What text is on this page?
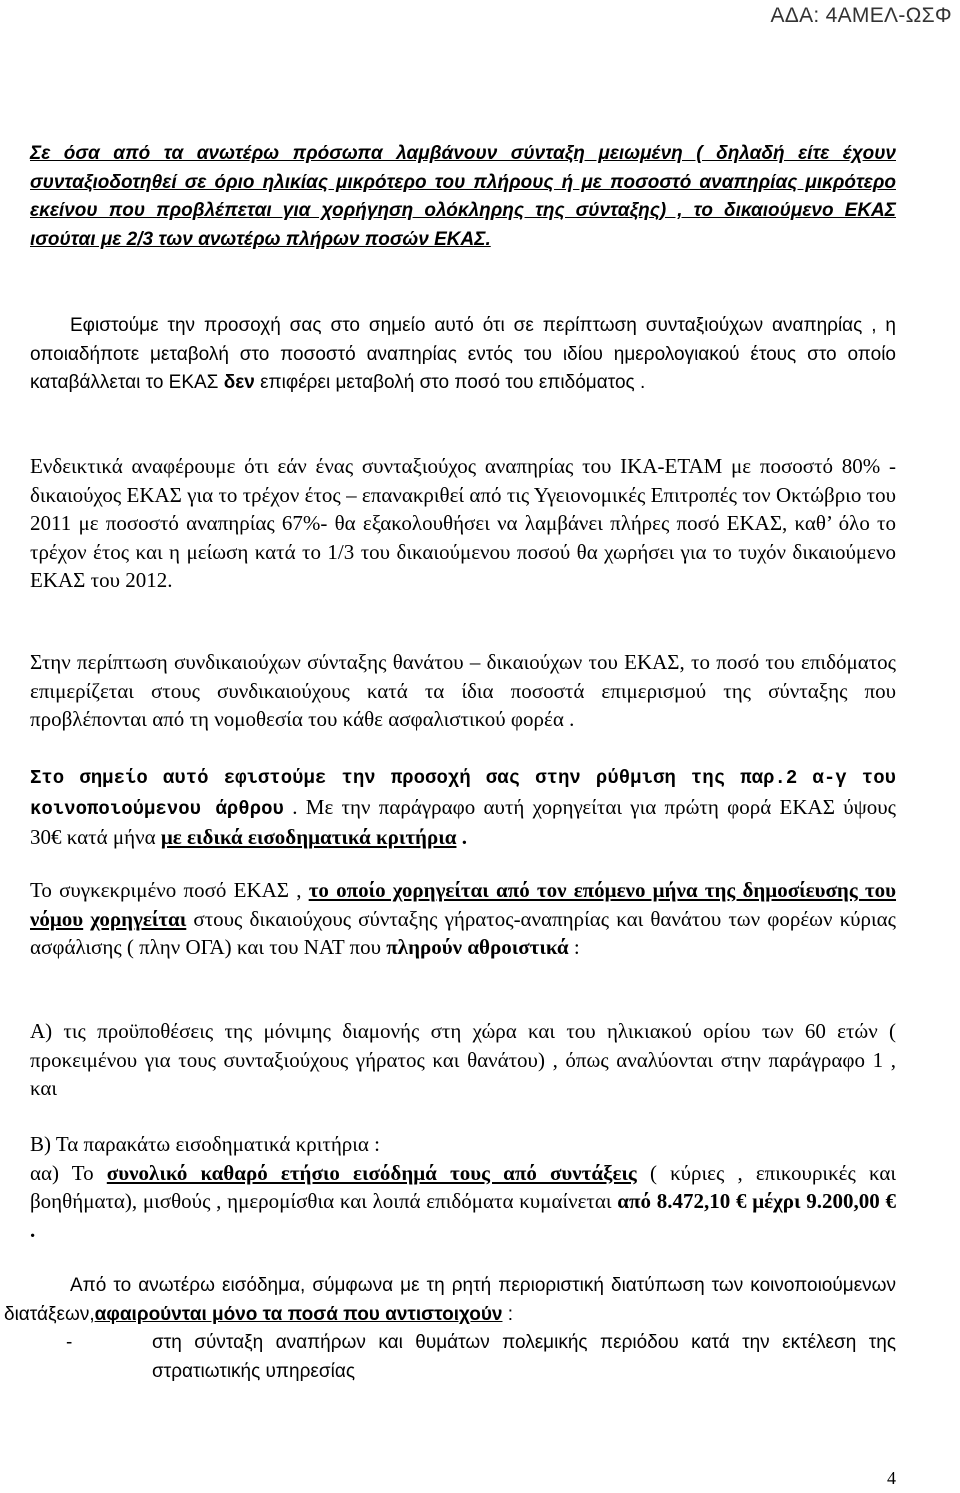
ΑΔΑ: 4ΑΜΕΛ-ΩΣΦ
Σε όσα από τα ανωτέρω πρόσωπα λαμβάνουν σύνταξη μειωμένη ( δηλαδή είτε έχουν συνταξιοδοτηθεί σε όριο ηλικίας μικρότερο του πλήρους ή με ποσοστό αναπηρίας μικρότερο εκείνου που προβλέπεται για χορήγηση ολόκληρης της σύνταξης) , το δικαιούμενο ΕΚΑΣ ισούται με 2/3 των ανωτέρω πλήρων ποσών ΕΚΑΣ.
Εφιστούμε την προσοχή σας στο σημείο αυτό ότι σε περίπτωση συνταξιούχων αναπηρίας , η οποιαδήποτε μεταβολή στο ποσοστό αναπηρίας εντός του ιδίου ημερολογιακού έτους στο οποίο καταβάλλεται το ΕΚΑΣ δεν επιφέρει μεταβολή στο ποσό του επιδόματος .
Ενδεικτικά αναφέρουμε ότι εάν ένας συνταξιούχος αναπηρίας του ΙΚΑ-ΕΤΑΜ με ποσοστό 80% - δικαιούχος ΕΚΑΣ για το τρέχον έτος – επανακριθεί από τις Υγειονομικές Επιτροπές τον Οκτώβριο του 2011 με ποσοστό αναπηρίας 67%- θα εξακολουθήσει να λαμβάνει πλήρες ποσό ΕΚΑΣ, καθ’ όλο το τρέχον έτος και η μείωση κατά το 1/3 του δικαιούμενου ποσού θα χωρήσει για το τυχόν δικαιούμενο ΕΚΑΣ του 2012.
Στην περίπτωση συνδικαιούχων σύνταξης θανάτου – δικαιούχων του ΕΚΑΣ, το ποσό του επιδόματος επιμερίζεται στους συνδικαιούχους κατά τα ίδια ποσοστά επιμερισμού της σύνταξης που προβλέπονται από τη νομοθεσία του κάθε ασφαλιστικού φορέα .
Στο σημείο αυτό εφιστούμε την προσοχή σας στην ρύθμιση της παρ.2 α-γ του κοινοποιούμενου άρθρου . Με την παράγραφο αυτή χορηγείται για πρώτη φορά ΕΚΑΣ ύψους 30€ κατά μήνα με ειδικά εισοδηματικά κριτήρια .
Το συγκεκριμένο ποσό ΕΚΑΣ , το οποίο χορηγείται από τον επόμενο μήνα της δημοσίευσης του νόμου χορηγείται στους δικαιούχους σύνταξης γήρατος-αναπηρίας και θανάτου των φορέων κύριας ασφάλισης ( πλην ΟΓΑ) και του ΝΑΤ που πληρούν αθροιστικά :
Α) τις προϋποθέσεις της μόνιμης διαμονής στη χώρα και του ηλικιακού ορίου των 60 ετών ( προκειμένου για τους συνταξιούχους γήρατος και θανάτου) , όπως αναλύονται στην παράγραφο 1 , και
Β) Τα παρακάτω εισοδηματικά κριτήρια :
αα) Το συνολικό καθαρό ετήσιο εισόδημά τους από συντάξεις ( κύριες , επικουρικές και βοηθήματα), μισθούς , ημερομίσθια και λοιπά επιδόματα κυμαίνεται από 8.472,10 € μέχρι 9.200,00 € .
Από το ανωτέρω εισόδημα, σύμφωνα με τη ρητή περιοριστική διατύπωση των κοινοποιούμενων διατάξεων,αφαιρούνται μόνο τα ποσά που αντιστοιχούν :
-	στη σύνταξη αναπήρων και θυμάτων πολεμικής περιόδου κατά την εκτέλεση της στρατιωτικής υπηρεσίας
4
